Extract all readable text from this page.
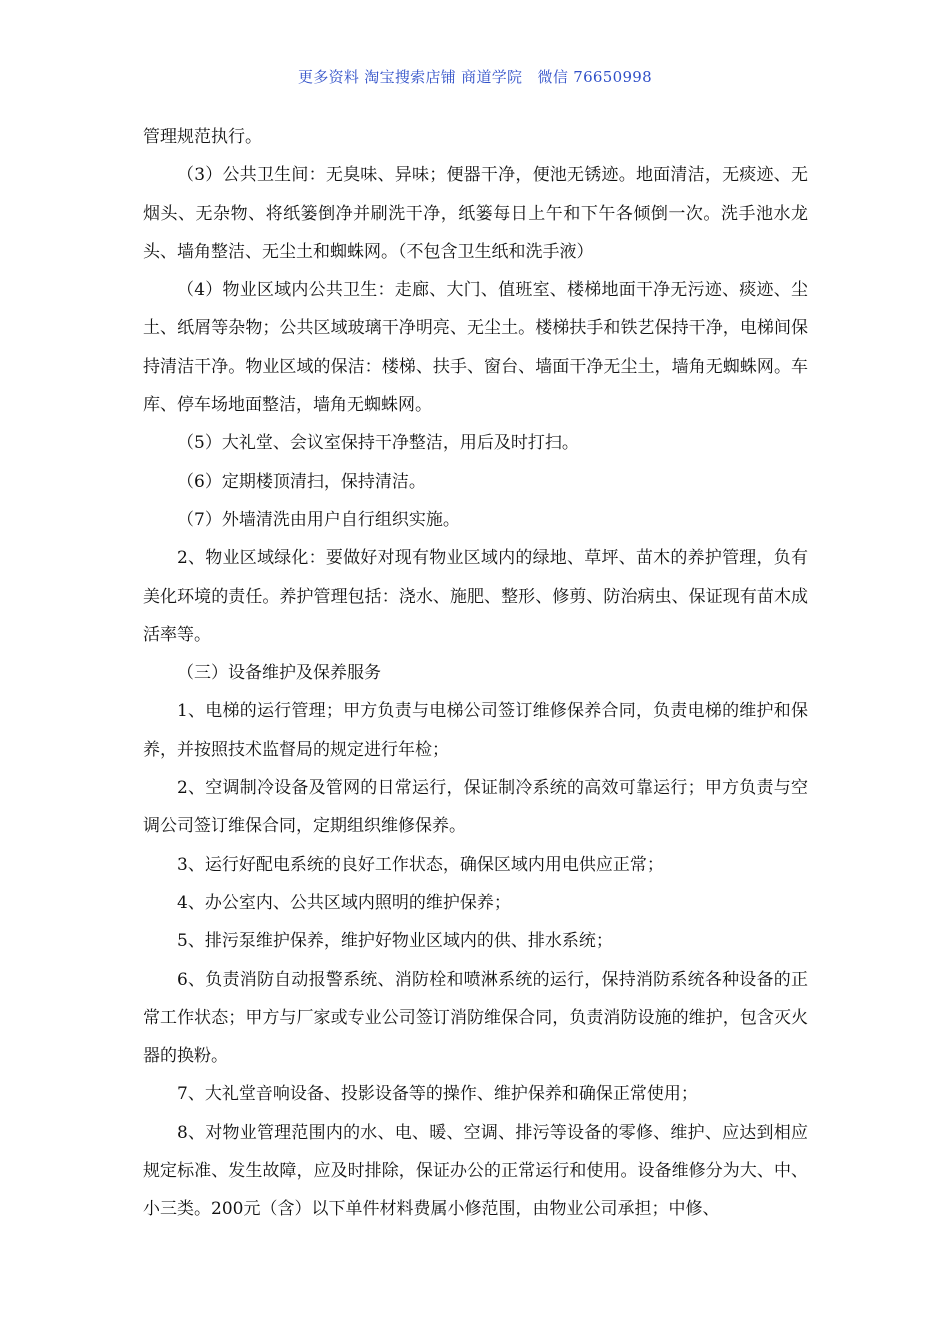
更多资料 淘宝搜索店铺 商道学院   微信 76650998

管理规范执行。

（3）公共卫生间：无臭味、异味；便器干净，便池无锈迹。地面清洁，无痰迹、无烟头、无杂物、将纸篓倒净并刷洗干净，纸篓每日上午和下午各倾倒一次。洗手池水龙头、墙角整洁、无尘土和蜘蛛网。（不包含卫生纸和洗手液）

（4）物业区域内公共卫生：走廊、大门、值班室、楼梯地面干净无污迹、痰迹、尘土、纸屑等杂物；公共区域玻璃干净明亮、无尘土。楼梯扶手和铁艺保持干净，电梯间保持清洁干净。物业区域的保洁：楼梯、扶手、窗台、墙面干净无尘土，墙角无蜘蛛网。车库、停车场地面整洁，墙角无蜘蛛网。

（5）大礼堂、会议室保持干净整洁，用后及时打扫。

（6）定期楼顶清扫，保持清洁。

（7）外墙清洗由用户自行组织实施。

2、物业区域绿化：要做好对现有物业区域内的绿地、草坪、苗木的养护管理，负有美化环境的责任。养护管理包括：浇水、施肥、整形、修剪、防治病虫、保证现有苗木成活率等。

（三）设备维护及保养服务

1、电梯的运行管理；甲方负责与电梯公司签订维修保养合同，负责电梯的维护和保养，并按照技术监督局的规定进行年检；

2、空调制冷设备及管网的日常运行，保证制冷系统的高效可靠运行；甲方负责与空调公司签订维保合同，定期组织维修保养。

3、运行好配电系统的良好工作状态，确保区域内用电供应正常；

4、办公室内、公共区域内照明的维护保养；

5、排污泵维护保养，维护好物业区域内的供、排水系统；

6、负责消防自动报警系统、消防栓和喷淋系统的运行，保持消防系统各种设备的正常工作状态；甲方与厂家或专业公司签订消防维保合同，负责消防设施的维护，包含灭火器的换粉。

7、大礼堂音响设备、投影设备等的操作、维护保养和确保正常使用；

8、对物业管理范围内的水、电、暖、空调、排污等设备的零修、维护、应达到相应规定标准、发生故障，应及时排除，保证办公的正常运行和使用。设备维修分为大、中、小三类。200元（含）以下单件材料费属小修范围，由物业公司承担；中修、
